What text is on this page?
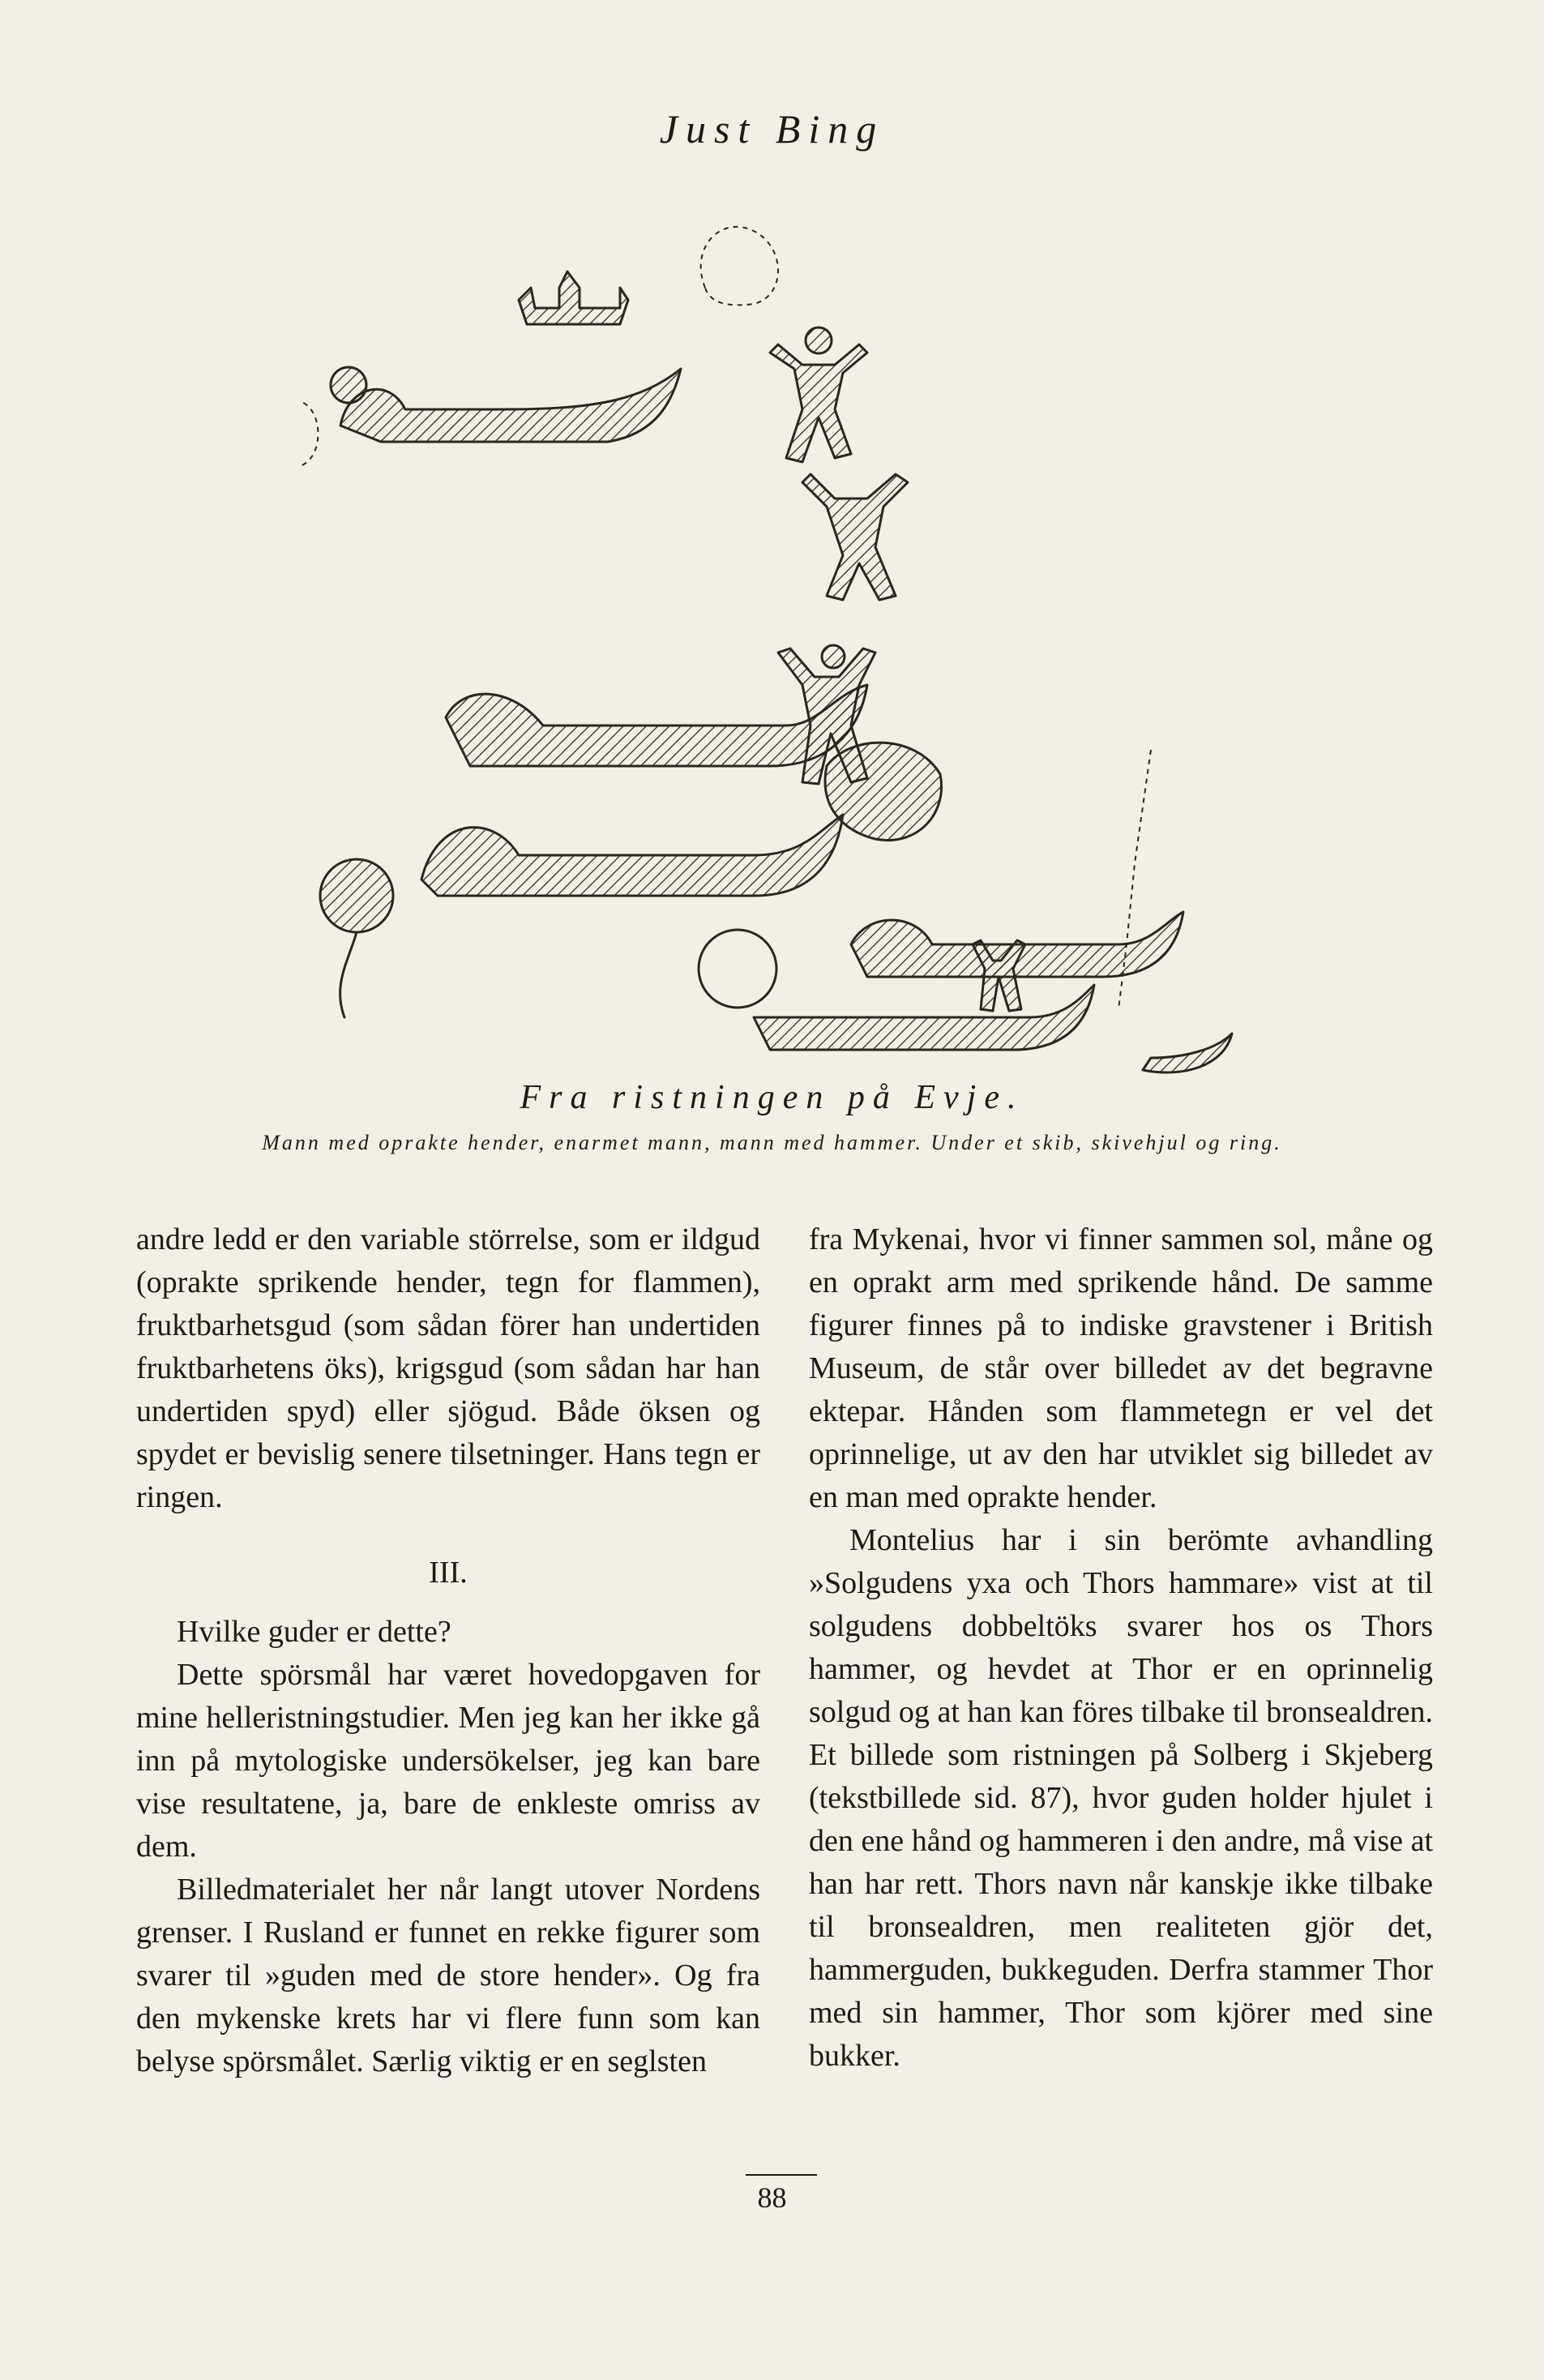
Just Bing
Fra ristningen på Evje.
Mann med oprakte hender, enarmet mann, mann med hammer. Under et skib, skivehjul og ring.

andre ledd er den variable störrelse, som er ildgud (oprakte sprikende hender, tegn for flammen), fruktbarhetsgud (som sådan förer han undertiden fruktbarhetens öks), krigsgud (som sådan har han undertiden spyd) eller sjögud. Både öksen og spydet er bevislig senere tilsetninger. Hans tegn er ringen.

III.

Hvilke guder er dette?

Dette spörsmål har været hovedopgaven for mine helleristningstudier. Men jeg kan her ikke gå inn på mytologiske undersökelser, jeg kan bare vise resultatene, ja, bare de enkleste omriss av dem.

Billedmaterialet her når langt utover Nordens grenser. I Rusland er funnet en rekke figurer som svarer til »guden med de store hender». Og fra den mykenske krets har vi flere funn som kan belyse spörsmålet. Særlig viktig er en seglsten

fra Mykenai, hvor vi finner sammen sol, måne og en oprakt arm med sprikende hånd. De samme figurer finnes på to indiske gravstener i British Museum, de står over billedet av det begravne ektepar. Hånden som flammetegn er vel det oprinnelige, ut av den har utviklet sig billedet av en man med oprakte hender.

Montelius har i sin berömte avhandling »Solgudens yxa och Thors hammare» vist at til solgudens dobbeltöks svarer hos os Thors hammer, og hevdet at Thor er en oprinnelig solgud og at han kan föres tilbake til bronsealdren. Et billede som ristningen på Solberg i Skjeberg (tekstbillede sid. 87), hvor guden holder hjulet i den ene hånd og hammeren i den andre, må vise at han har rett. Thors navn når kanskje ikke tilbake til bronsealdren, men realiteten gjör det, hammerguden, bukkeguden. Derfra stammer Thor med sin hammer, Thor som kjörer med sine bukker.

88
